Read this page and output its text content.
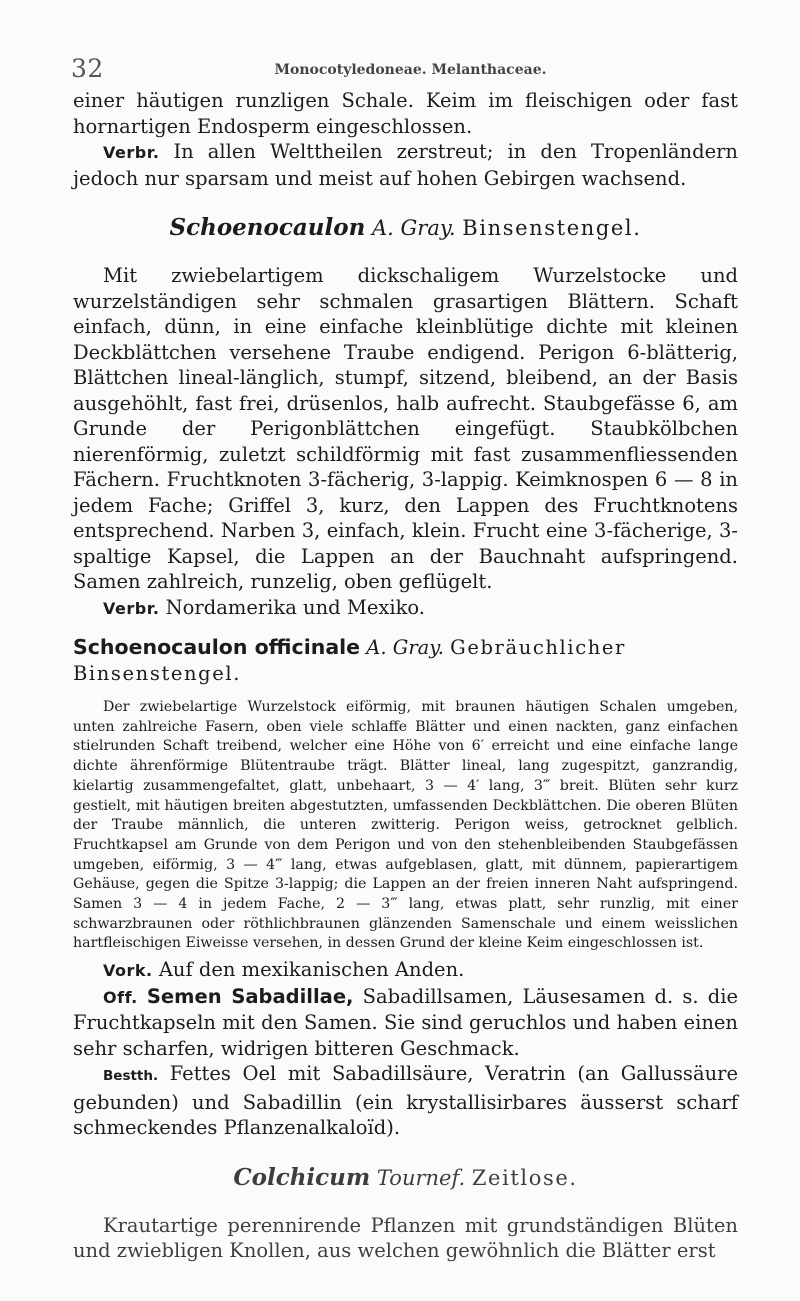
32	Monocotyledoneae. Melanthaceae.

einer häutigen runzligen Schale. Keim im fleischigen oder fast hornartigen Endosperm eingeschlossen.

Verbr. In allen Welttheilen zerstreut; in den Tropenländern jedoch nur sparsam und meist auf hohen Gebirgen wachsend.

Schoenocaulon A. Gray. Binsenstengel.

Mit zwiebelartigem dickschaligem Wurzelstocke und wurzelständigen sehr schmalen grasartigen Blättern. Schaft einfach, dünn, in eine einfache kleinblütige dichte mit kleinen Deckblättchen versehene Traube endigend. Perigon 6-blätterig, Blättchen lineal-länglich, stumpf, sitzend, bleibend, an der Basis ausgehöhlt, fast frei, drüsenlos, halb aufrecht. Staubgefässe 6, am Grunde der Perigonblättchen eingefügt. Staubkölbchen nierenförmig, zuletzt schildförmig mit fast zusammenfliessenden Fächern. Fruchtknoten 3-fächerig, 3-lappig. Keimknospen 6 — 8 in jedem Fache; Griffel 3, kurz, den Lappen des Fruchtknotens entsprechend. Narben 3, einfach, klein. Frucht eine 3-fächerige, 3-spaltige Kapsel, die Lappen an der Bauchnaht aufspringend. Samen zahlreich, runzelig, oben geflügelt.

Verbr. Nordamerika und Mexiko.

Schoenocaulon officinale A. Gray. Gebräuchlicher Binsenstengel.

Der zwiebelartige Wurzelstock eiförmig, mit braunen häutigen Schalen umgeben, unten zahlreiche Fasern, oben viele schlaffe Blätter und einen nackten, ganz einfachen stielrunden Schaft treibend, welcher eine Höhe von 6′ erreicht und eine einfache lange dichte ährenförmige Blütentraube trägt. Blätter lineal, lang zugespitzt, ganzrandig, kielartig zusammengefaltet, glatt, unbehaart, 3 — 4′ lang, 3‴ breit. Blüten sehr kurz gestielt, mit häutigen breiten abgestutzten, umfassenden Deckblättchen. Die oberen Blüten der Traube männlich, die unteren zwitterig. Perigon weiss, getrocknet gelblich. Fruchtkapsel am Grunde von dem Perigon und von den stehenbleibenden Staubgefässen umgeben, eiförmig, 3 — 4‴ lang, etwas aufgeblasen, glatt, mit dünnem, papierartigem Gehäuse, gegen die Spitze 3-lappig; die Lappen an der freien inneren Naht aufspringend. Samen 3 — 4 in jedem Fache, 2 — 3‴ lang, etwas platt, sehr runzlig, mit einer schwarzbraunen oder röthlichbraunen glänzenden Samenschale und einem weisslichen hartfleischigen Eiweisse versehen, in dessen Grund der kleine Keim eingeschlossen ist.

Vork. Auf den mexikanischen Anden.

Off. Semen Sabadillae, Sabadillsamen, Läusesamen d. s. die Fruchtkapseln mit den Samen. Sie sind geruchlos und haben einen sehr scharfen, widrigen bitteren Geschmack.

Bestth. Fettes Oel mit Sabadillsäure, Veratrin (an Gallussäure gebunden) und Sabadillin (ein krystallisirbares äusserst scharf schmeckendes Pflanzenalkaloïd).

Colchicum Tournef. Zeitlose.

Krautartige perennirende Pflanzen mit grundständigen Blüten und zwiebligen Knollen, aus welchen gewöhnlich die Blätter erst
